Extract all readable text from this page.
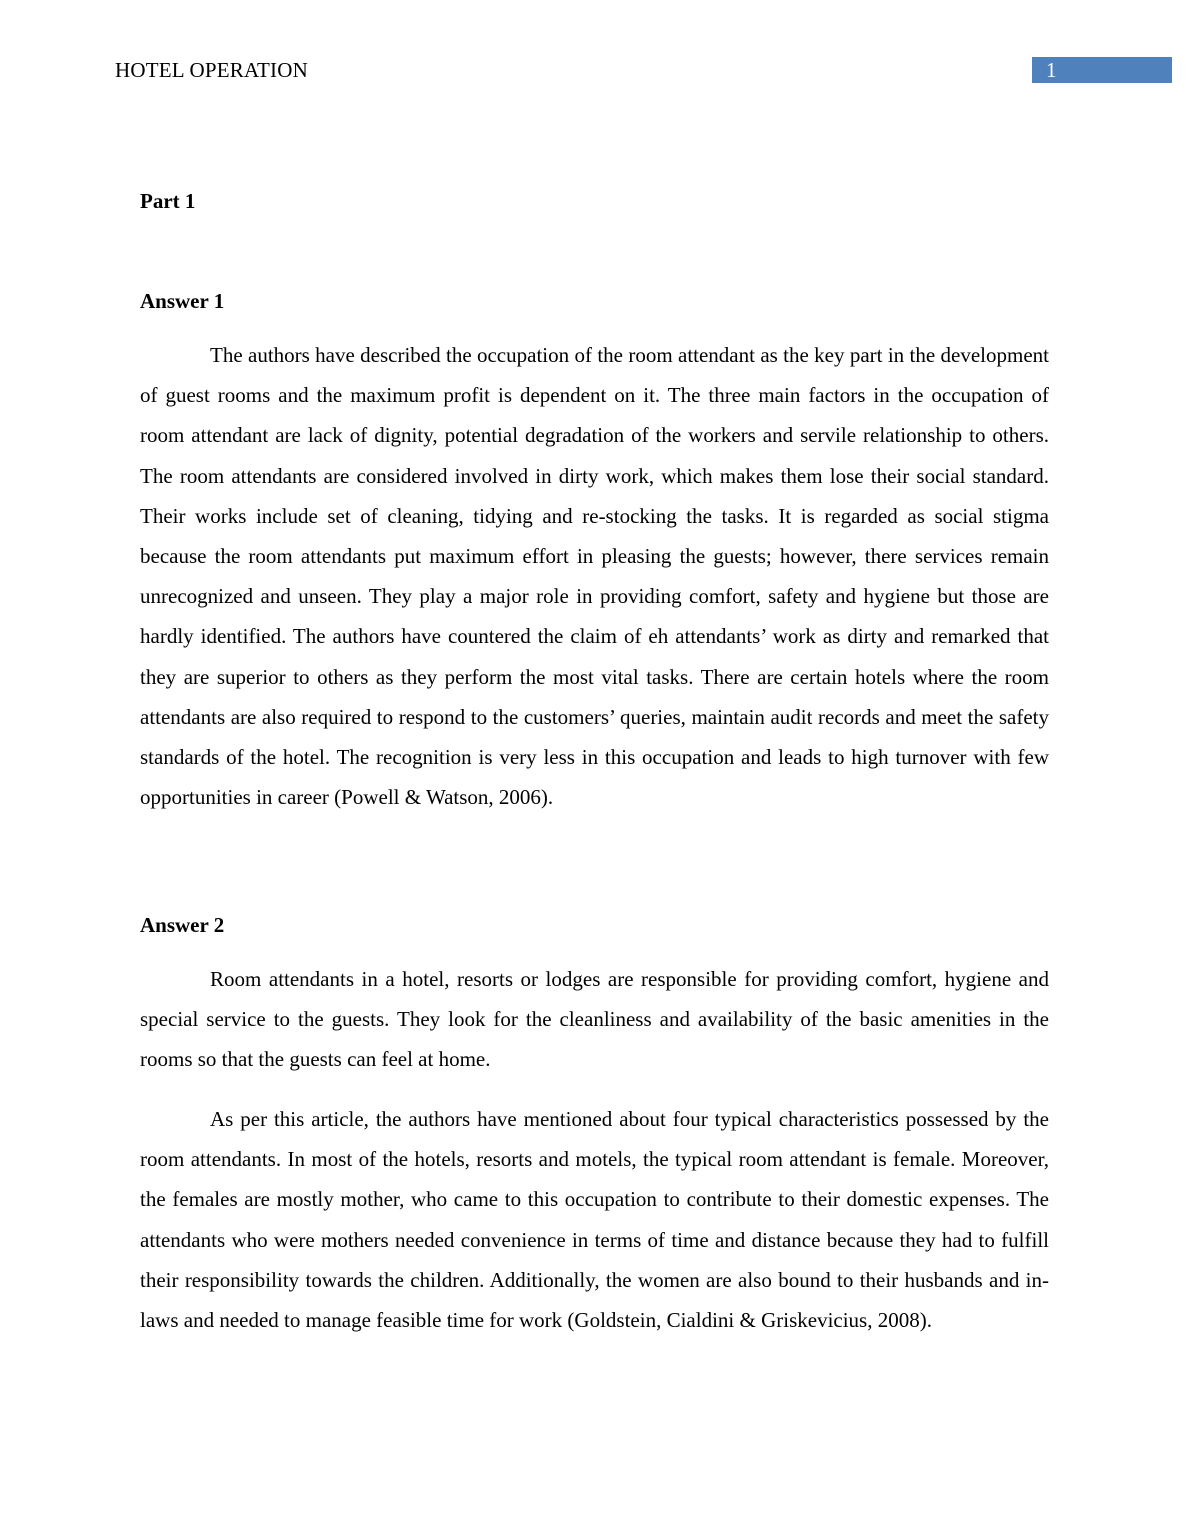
HOTEL OPERATION	1
Part 1
Answer 1

The authors have described the occupation of the room attendant as the key part in the development of guest rooms and the maximum profit is dependent on it. The three main factors in the occupation of room attendant are lack of dignity, potential degradation of the workers and servile relationship to others. The room attendants are considered involved in dirty work, which makes them lose their social standard. Their works include set of cleaning, tidying and re-stocking the tasks. It is regarded as social stigma because the room attendants put maximum effort in pleasing the guests; however, there services remain unrecognized and unseen. They play a major role in providing comfort, safety and hygiene but those are hardly identified. The authors have countered the claim of eh attendants’ work as dirty and remarked that they are superior to others as they perform the most vital tasks. There are certain hotels where the room attendants are also required to respond to the customers’ queries, maintain audit records and meet the safety standards of the hotel. The recognition is very less in this occupation and leads to high turnover with few opportunities in career (Powell & Watson, 2006).

Answer 2

Room attendants in a hotel, resorts or lodges are responsible for providing comfort, hygiene and special service to the guests. They look for the cleanliness and availability of the basic amenities in the rooms so that the guests can feel at home.

As per this article, the authors have mentioned about four typical characteristics possessed by the room attendants. In most of the hotels, resorts and motels, the typical room attendant is female. Moreover, the females are mostly mother, who came to this occupation to contribute to their domestic expenses. The attendants who were mothers needed convenience in terms of time and distance because they had to fulfill their responsibility towards the children. Additionally, the women are also bound to their husbands and in- laws and needed to manage feasible time for work (Goldstein, Cialdini & Griskevicius, 2008).
